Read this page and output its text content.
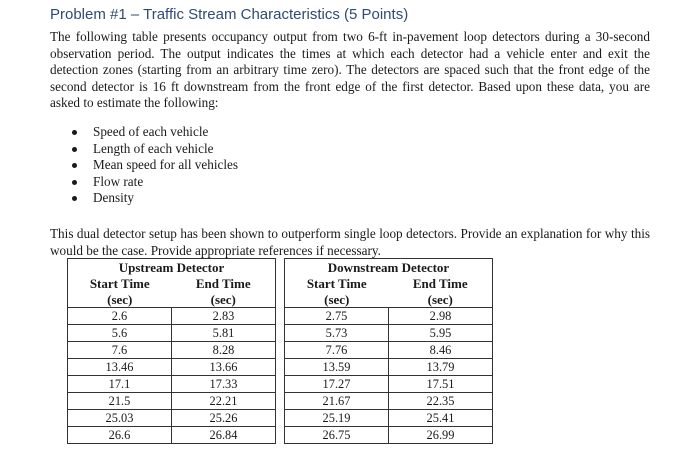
Problem #1 – Traffic Stream Characteristics (5 Points)

The following table presents occupancy output from two 6-ft in-pavement loop detectors during a 30-second observation period. The output indicates the times at which each detector had a vehicle enter and exit the detection zones (starting from an arbitrary time zero). The detectors are spaced such that the front edge of the second detector is 16 ft downstream from the front edge of the first detector. Based upon these data, you are asked to estimate the following:

Speed of each vehicle
Length of each vehicle
Mean speed for all vehicles
Flow rate
Density

This dual detector setup has been shown to outperform single loop detectors. Provide an explanation for why this would be the case. Provide appropriate references if necessary.

Upstream Detector	
Start Time	End Time
(sec)	(sec)
2.6	2.83
5.6	5.81
7.6	8.28
13.46	13.66
17.1	17.33
21.5	22.21
25.03	25.26
26.6	26.84
Downstream Detector	
Start Time	End Time
(sec)	(sec)
2.75	2.98
5.73	5.95
7.76	8.46
13.59	13.79
17.27	17.51
21.67	22.35
25.19	25.41
26.75	26.99
